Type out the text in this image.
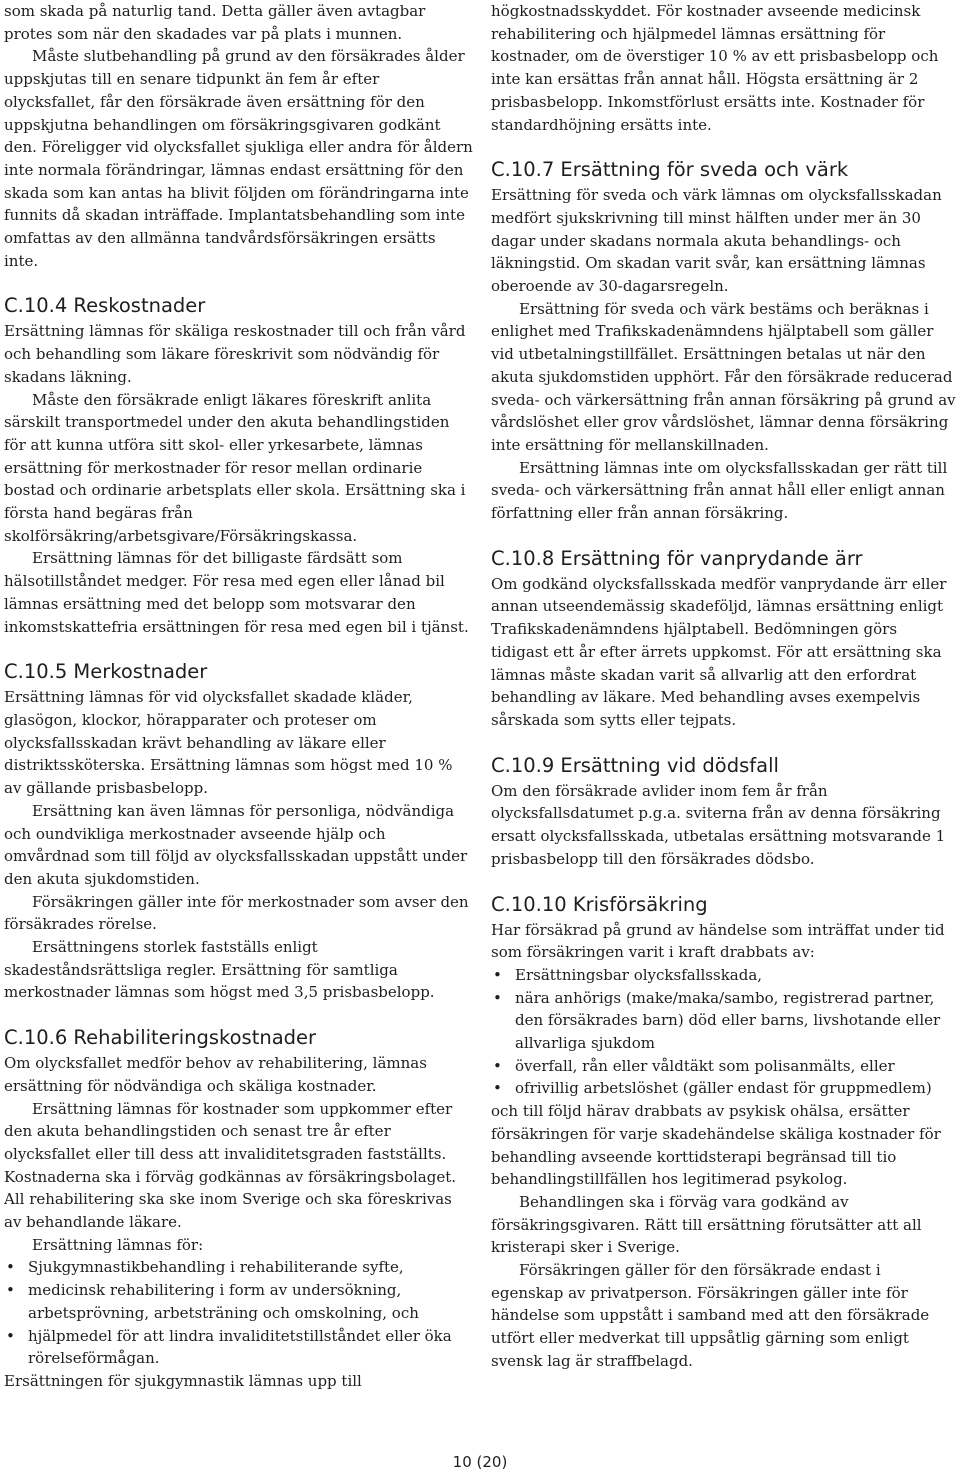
som skada på naturlig tand. Detta gäller även avtagbar protes som när den skadades var på plats i munnen.

Måste slutbehandling på grund av den försäkrades ålder uppskjutas till en senare tidpunkt än fem år efter olycksfallet, får den försäkrade även ersättning för den uppskjutna behandlingen om försäkringsgivaren godkänt den. Föreligger vid olycksfallet sjukliga eller andra för åldern inte normala förändringar, lämnas endast ersättning för den skada som kan antas ha blivit följden om förändringarna inte funnits då skadan inträffade. Implantatsbehandling som inte omfattas av den allmänna tandvårdsförsäkringen ersätts inte.

C.10.4 Reskostnader

Ersättning lämnas för skäliga reskostnader till och från vård och behandling som läkare föreskrivit som nödvändig för skadans läkning.

Måste den försäkrade enligt läkares föreskrift anlita särskilt transportmedel under den akuta behandlingstiden för att kunna utföra sitt skol- eller yrkesarbete, lämnas ersättning för merkostnader för resor mellan ordinarie bostad och ordinarie arbetsplats eller skola. Ersättning ska i första hand begäras från skolförsäkring/arbetsgivare/Försäkringskassa.

Ersättning lämnas för det billigaste färdsätt som hälsotillståndet medger. För resa med egen eller lånad bil lämnas ersättning med det belopp som motsvarar den inkomstskattefria ersättningen för resa med egen bil i tjänst.

C.10.5 Merkostnader

Ersättning lämnas för vid olycksfallet skadade kläder, glasögon, klockor, hörapparater och proteser om olycksfallsskadan krävt behandling av läkare eller distriktssköterska. Ersättning lämnas som högst med 10 % av gällande prisbasbelopp.

Ersättning kan även lämnas för personliga, nödvändiga och oundvikliga merkostnader avseende hjälp och omvårdnad som till följd av olycksfallsskadan uppstått under den akuta sjukdomstiden.

Försäkringen gäller inte för merkostnader som avser den försäkrades rörelse.

Ersättningens storlek fastställs enligt skadeståndsrättsliga regler. Ersättning för samtliga merkostnader lämnas som högst med 3,5 prisbasbelopp.

C.10.6 Rehabiliteringskostnader

Om olycksfallet medför behov av rehabilitering, lämnas ersättning för nödvändiga och skäliga kostnader.

Ersättning lämnas för kostnader som uppkommer efter den akuta behandlingstiden och senast tre år efter olycksfallet eller till dess att invaliditetsgraden fastställts. Kostnaderna ska i förväg godkännas av försäkringsbolaget. All rehabilitering ska ske inom Sverige och ska föreskrivas av behandlande läkare.

Ersättning lämnas för:

• Sjukgymnastikbehandling i rehabiliterande syfte,
• medicinsk rehabilitering i form av undersökning, arbetsprövning, arbetsträning och omskolning, och
• hjälpmedel för att lindra invaliditetstillståndet eller öka rörelseförmågan.

Ersättningen för sjukgymnastik lämnas upp till

högkostnadsskyddet. För kostnader avseende medicinsk rehabilitering och hjälpmedel lämnas ersättning för kostnader, om de överstiger 10 % av ett prisbasbelopp och inte kan ersättas från annat håll. Högsta ersättning är 2 prisbasbelopp. Inkomstförlust ersätts inte. Kostnader för standardhöjning ersätts inte.

C.10.7 Ersättning för sveda och värk

Ersättning för sveda och värk lämnas om olycksfallsskadan medfört sjukskrivning till minst hälften under mer än 30 dagar under skadans normala akuta behandlings- och läkningstid. Om skadan varit svår, kan ersättning lämnas oberoende av 30-dagarsregeln.

Ersättning för sveda och värk bestäms och beräknas i enlighet med Trafikskadenämndens hjälptabell som gäller vid utbetalningstillfället. Ersättningen betalas ut när den akuta sjukdomstiden upphört. Får den försäkrade reducerad sveda- och värkersättning från annan försäkring på grund av vårdslöshet eller grov vårdslöshet, lämnar denna försäkring inte ersättning för mellanskillnaden.

Ersättning lämnas inte om olycksfallsskadan ger rätt till sveda- och värkersättning från annat håll eller enligt annan författning eller från annan försäkring.

C.10.8 Ersättning för vanprydande ärr

Om godkänd olycksfallsskada medför vanprydande ärr eller annan utseendemässig skadeföljd, lämnas ersättning enligt Trafikskadenämndens hjälptabell. Bedömningen görs tidigast ett år efter ärrets uppkomst. För att ersättning ska lämnas måste skadan varit så allvarlig att den erfordrat behandling av läkare. Med behandling avses exempelvis sårskada som sytts eller tejpats.

C.10.9 Ersättning vid dödsfall

Om den försäkrade avlider inom fem år från olycksfallsdatumet p.g.a. sviterna från av denna försäkring ersatt olycksfallsskada, utbetalas ersättning motsvarande 1 prisbasbelopp till den försäkrades dödsbo.

C.10.10 Krisförsäkring

Har försäkrad på grund av händelse som inträffat under tid som försäkringen varit i kraft drabbats av:

• Ersättningsbar olycksfallsskada,
• nära anhörigs (make/maka/sambo, registrerad partner, den försäkrades barn) död eller barns, livshotande eller allvarliga sjukdom
• överfall, rån eller våldtäkt som polisanmälts, eller
• ofrivillig arbetslöshet (gäller endast för gruppmedlem)

och till följd härav drabbats av psykisk ohälsa, ersätter försäkringen för varje skadehändelse skäliga kostnader för behandling avseende korttidsterapi begränsad till tio behandlingstillfällen hos legitimerad psykolog.

Behandlingen ska i förväg vara godkänd av försäkringsgivaren. Rätt till ersättning förutsätter att all kristerapi sker i Sverige.

Försäkringen gäller för den försäkrade endast i egenskap av privatperson. Försäkringen gäller inte för händelse som uppstått i samband med att den försäkrade utfört eller medverkat till uppsåtlig gärning som enligt svensk lag är straffbelagd.

10 (20)
